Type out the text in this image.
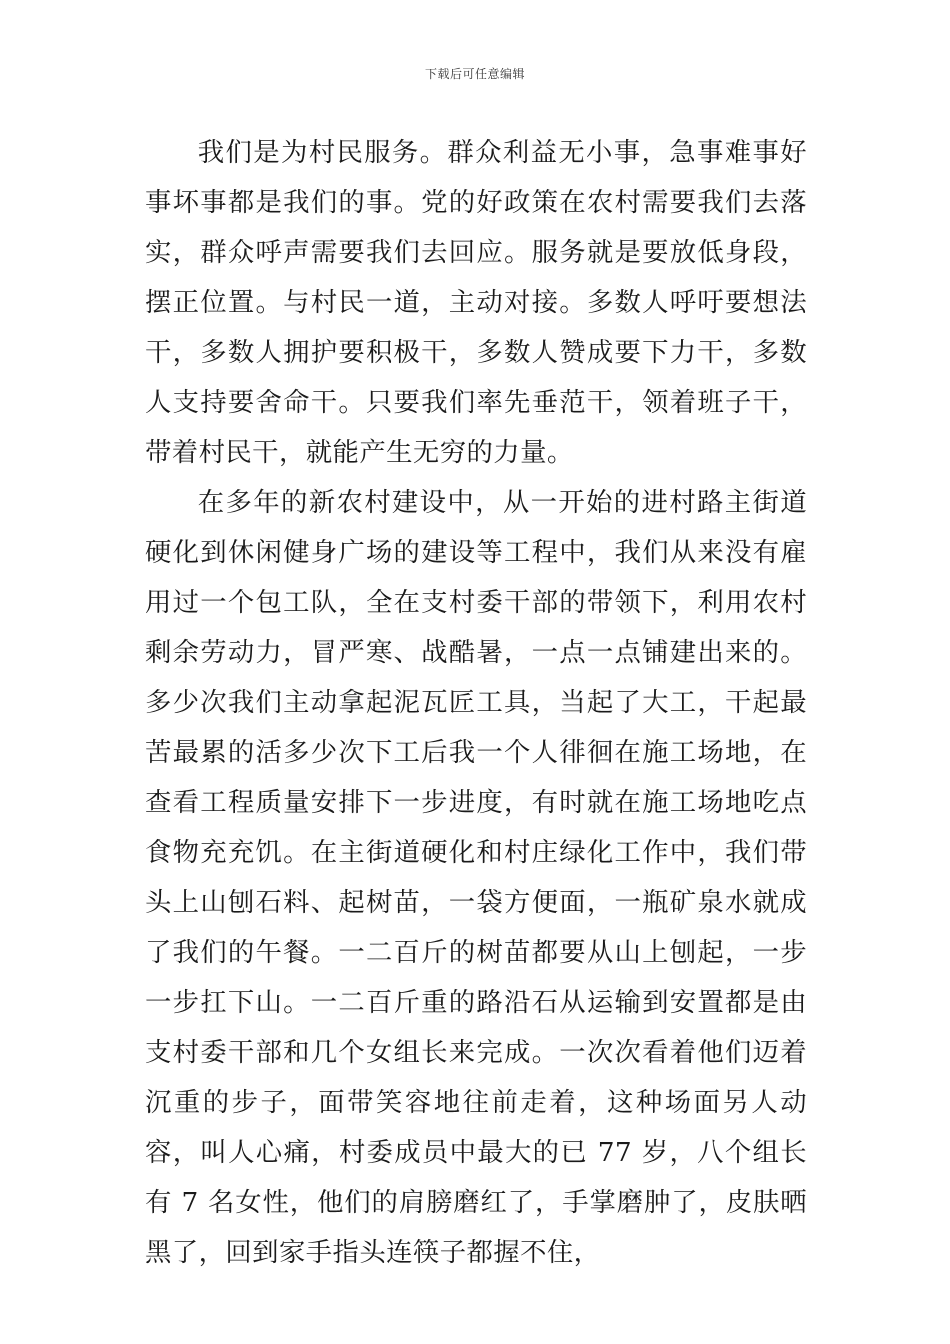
下载后可任意编辑

我们是为村民服务。群众利益无小事，急事难事好事坏事都是我们的事。党的好政策在农村需要我们去落实，群众呼声需要我们去回应。服务就是要放低身段，摆正位置。与村民一道，主动对接。多数人呼吁要想法干，多数人拥护要积极干，多数人赞成要下力干，多数人支持要舍命干。只要我们率先垂范干，领着班子干，带着村民干，就能产生无穷的力量。

在多年的新农村建设中，从一开始的进村路主街道硬化到休闲健身广场的建设等工程中，我们从来没有雇用过一个包工队，全在支村委干部的带领下，利用农村剩余劳动力，冒严寒、战酷暑，一点一点铺建出来的。多少次我们主动拿起泥瓦匠工具，当起了大工，干起最苦最累的活多少次下工后我一个人徘徊在施工场地，在查看工程质量安排下一步进度，有时就在施工场地吃点食物充充饥。在主街道硬化和村庄绿化工作中，我们带头上山刨石料、起树苗，一袋方便面，一瓶矿泉水就成了我们的午餐。一二百斤的树苗都要从山上刨起，一步一步扛下山。一二百斤重的路沿石从运输到安置都是由支村委干部和几个女组长来完成。一次次看着他们迈着沉重的步子，面带笑容地往前走着，这种场面另人动容，叫人心痛，村委成员中最大的已 77 岁，八个组长有 7 名女性，他们的肩膀磨红了，手掌磨肿了，皮肤晒黑了，回到家手指头连筷子都握不住，
